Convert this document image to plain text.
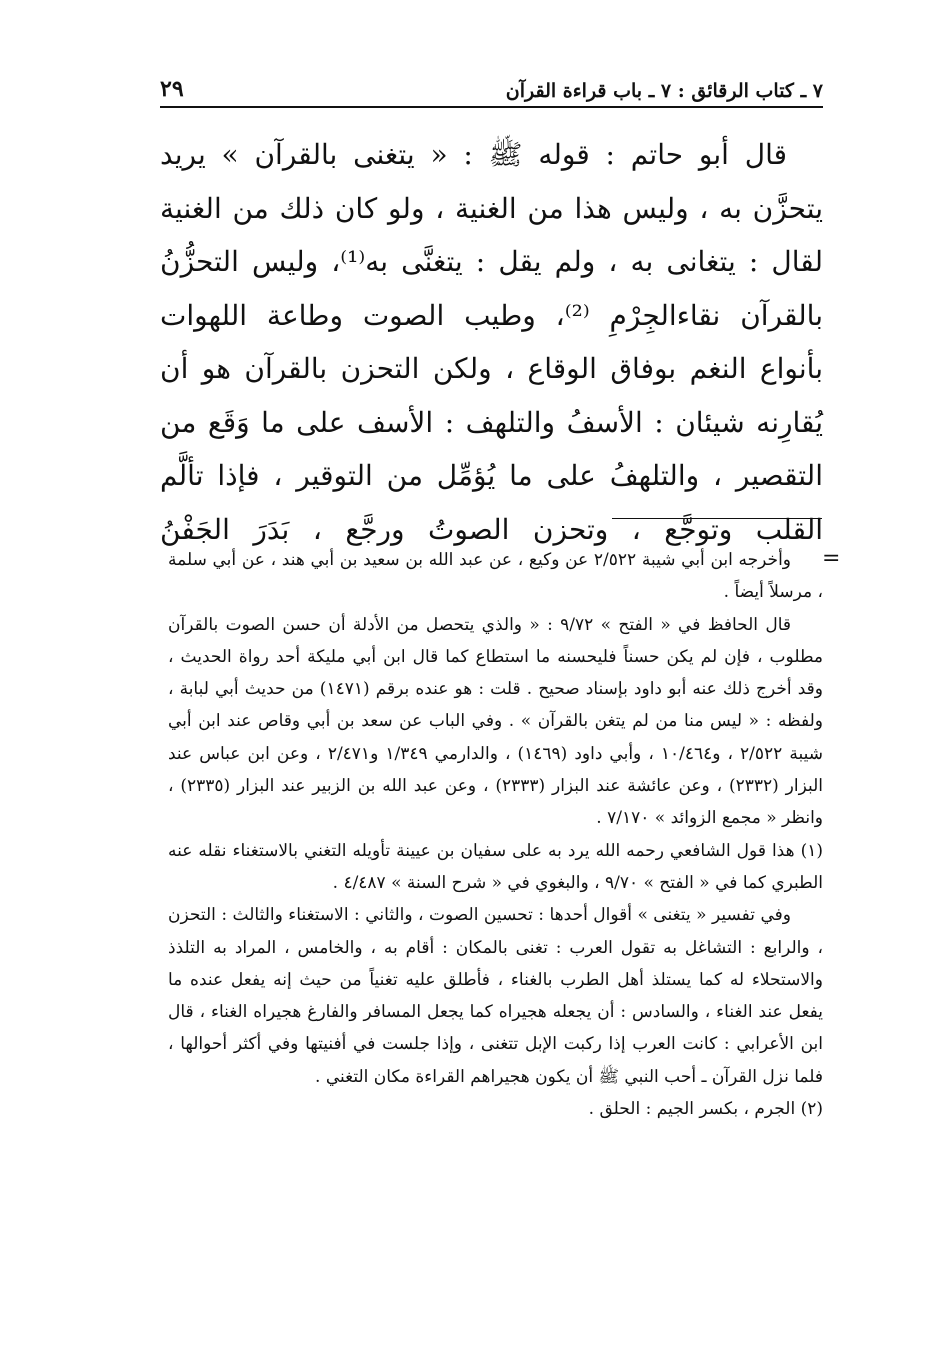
٧ ـ كتاب الرقائق : ٧ ـ باب قراءة القرآن
٢٩

قال أبو حاتم : قوله ﷺ : « يتغنى بالقرآن » يريد يتحزَّن به ، وليس هذا من الغنية ، ولو كان ذلك من الغنية لقال : يتغانى به ، ولم يقل : يتغنَّى به⁽¹⁾، وليس التحزُّنُ بالقرآن نقاءالجِرْمِ ⁽²⁾، وطيب الصوت وطاعة اللهوات بأنواع النغم بوفاق الوقاع ، ولكن التحزن بالقرآن هو أن يُقارِنه شيئان : الأسفُ والتلهف : الأسف على ما وَقَع من التقصير ، والتلهفُ على ما يُؤمِّل من التوقير ، فإذا تألَّم القلب وتوجَّع ، وتحزن الصوتُ ورجَّع ، بَدَرَ الجَفْنُ

=

وأخرجه ابن أبي شيبة ٢/٥٢٢ عن وكيع ، عن عبد الله بن سعيد بن أبي هند ، عن أبي سلمة ، مرسلاً أيضاً .

قال الحافظ في « الفتح » ٩/٧٢ : « والذي يتحصل من الأدلة أن حسن الصوت بالقرآن مطلوب ، فإن لم يكن حسناً فليحسنه ما استطاع كما قال ابن أبي مليكة أحد رواة الحديث ، وقد أخرج ذلك عنه أبو داود بإسناد صحيح . قلت : هو عنده برقم (١٤٧١) من حديث أبي لبابة ، ولفظه : « ليس منا من لم يتغن بالقرآن » . وفي الباب عن سعد بن أبي وقاص عند ابن أبي شيبة ٢/٥٢٢ ، و١٠/٤٦٤ ، وأبي داود (١٤٦٩) ، والدارمي ١/٣٤٩ و٢/٤٧١ ، وعن ابن عباس عند البزار (٢٣٣٢) ، وعن عائشة عند البزار (٢٣٣٣) ، وعن عبد الله بن الزبير عند البزار (٢٣٣٥) ، وانظر « مجمع الزوائد » ٧/١٧٠ .

(١) هذا قول الشافعي رحمه الله يرد به على سفيان بن عيينة تأويله التغني بالاستغناء نقله عنه الطبري كما في « الفتح » ٩/٧٠ ، والبغوي في « شرح السنة » ٤/٤٨٧ .

وفي تفسير « يتغنى » أقوال أحدها : تحسين الصوت ، والثاني : الاستغناء والثالث : التحزن ، والرابع : التشاغل به تقول العرب : تغنى بالمكان : أقام به ، والخامس ، المراد به التلذذ والاستحلاء له كما يستلذ أهل الطرب بالغناء ، فأطلق عليه تغنياً من حيث إنه يفعل عنده ما يفعل عند الغناء ، والسادس : أن يجعله هجيراه كما يجعل المسافر والفارغ هجيراه الغناء ، قال ابن الأعرابي : كانت العرب إذا ركبت الإبل تتغنى ، وإذا جلست في أفنيتها وفي أكثر أحوالها ، فلما نزل القرآن ـ أحب النبي ﷺ أن يكون هجيراهم القراءة مكان التغني .

(٢) الجرم ، بكسر الجيم : الحلق .
